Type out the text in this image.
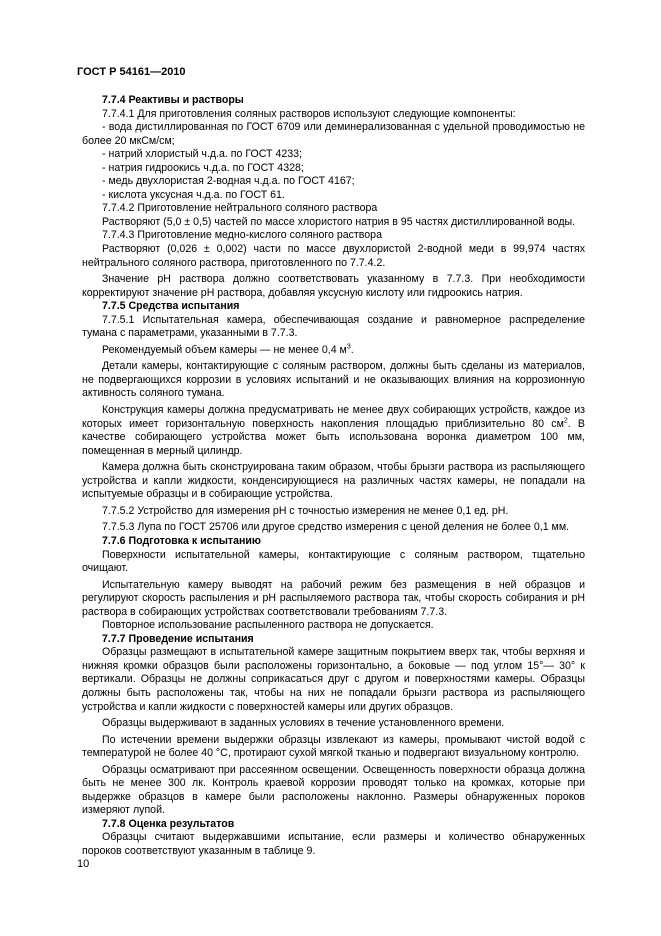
ГОСТ Р 54161—2010

7.7.4 Реактивы и растворы

7.7.4.1 Для приготовления соляных растворов используют следующие компоненты:

- вода дистиллированная по ГОСТ 6709 или деминерализованная с удельной проводимостью не более 20 мкСм/см;

- натрий хлористый ч.д.а. по ГОСТ 4233;

- натрия гидроокись ч.д.а. по ГОСТ 4328;

- медь двухлористая 2-водная ч.д.а. по ГОСТ 4167;

- кислота уксусная ч.д.а. по ГОСТ 61.

7.7.4.2 Приготовление нейтрального соляного раствора

Растворяют (5,0 ± 0,5) частей по массе хлористого натрия в 95 частях дистиллированной воды.

7.7.4.3 Приготовление медно-кислого соляного раствора

Растворяют (0,026 ± 0,002) части по массе двухлористой 2-водной меди в 99,974 частях нейтрального соляного раствора, приготовленного по 7.7.4.2.

Значение pH раствора должно соответствовать указанному в 7.7.3. При необходимости корректируют значение pH раствора, добавляя уксусную кислоту или гидроокись натрия.

7.7.5 Средства испытания

7.7.5.1 Испытательная камера, обеспечивающая создание и равномерное распределение тумана с параметрами, указанными в 7.7.3.

Рекомендуемый объем камеры — не менее 0,4 $м^3$.

Детали камеры, контактирующие с соляным раствором, должны быть сделаны из материалов, не подвергающихся коррозии в условиях испытаний и не оказывающих влияния на коррозионную активность соляного тумана.

Конструкция камеры должна предусматривать не менее двух собирающих устройств, каждое из которых имеет горизонтальную поверхность накопления площадью приблизительно 80 $см^2$. В качестве собирающего устройства может быть использована воронка диаметром 100 мм, помещенная в мерный цилиндр.

Камера должна быть сконструирована таким образом, чтобы брызги раствора из распыляющего устройства и капли жидкости, конденсирующиеся на различных частях камеры, не попадали на испытуемые образцы и в собирающие устройства.

7.7.5.2 Устройство для измерения pH с точностью измерения не менее 0,1 ед. pH.

7.7.5.3 Лупа по ГОСТ 25706 или другое средство измерения с ценой деления не более 0,1 мм.

7.7.6 Подготовка к испытанию

Поверхности испытательной камеры, контактирующие с соляным раствором, тщательно очищают.

Испытательную камеру выводят на рабочий режим без размещения в ней образцов и регулируют скорость распыления и pH распыляемого раствора так, чтобы скорость собирания и pH раствора в собирающих устройствах соответствовали требованиям 7.7.3.

Повторное использование распыленного раствора не допускается.

7.7.7 Проведение испытания

Образцы размещают в испытательной камере защитным покрытием вверх так, чтобы верхняя и нижняя кромки образцов были расположены горизонтально, а боковые — под углом 15°— 30° к вертикали. Образцы не должны соприкасаться друг с другом и поверхностями камеры. Образцы должны быть расположены так, чтобы на них не попадали брызги раствора из распыляющего устройства и капли жидкости с поверхностей камеры или других образцов.

Образцы выдерживают в заданных условиях в течение установленного времени.

По истечении времени выдержки образцы извлекают из камеры, промывают чистой водой с температурой не более 40 °С, протирают сухой мягкой тканью и подвергают визуальному контролю.

Образцы осматривают при рассеянном освещении. Освещенность поверхности образца должна быть не менее 300 лк. Контроль краевой коррозии проводят только на кромках, которые при выдержке образцов в камере были расположены наклонно. Размеры обнаруженных пороков измеряют лупой.

7.7.8 Оценка результатов

Образцы считают выдержавшими испытание, если размеры и количество обнаруженных пороков соответствуют указанным в таблице 9.

10
